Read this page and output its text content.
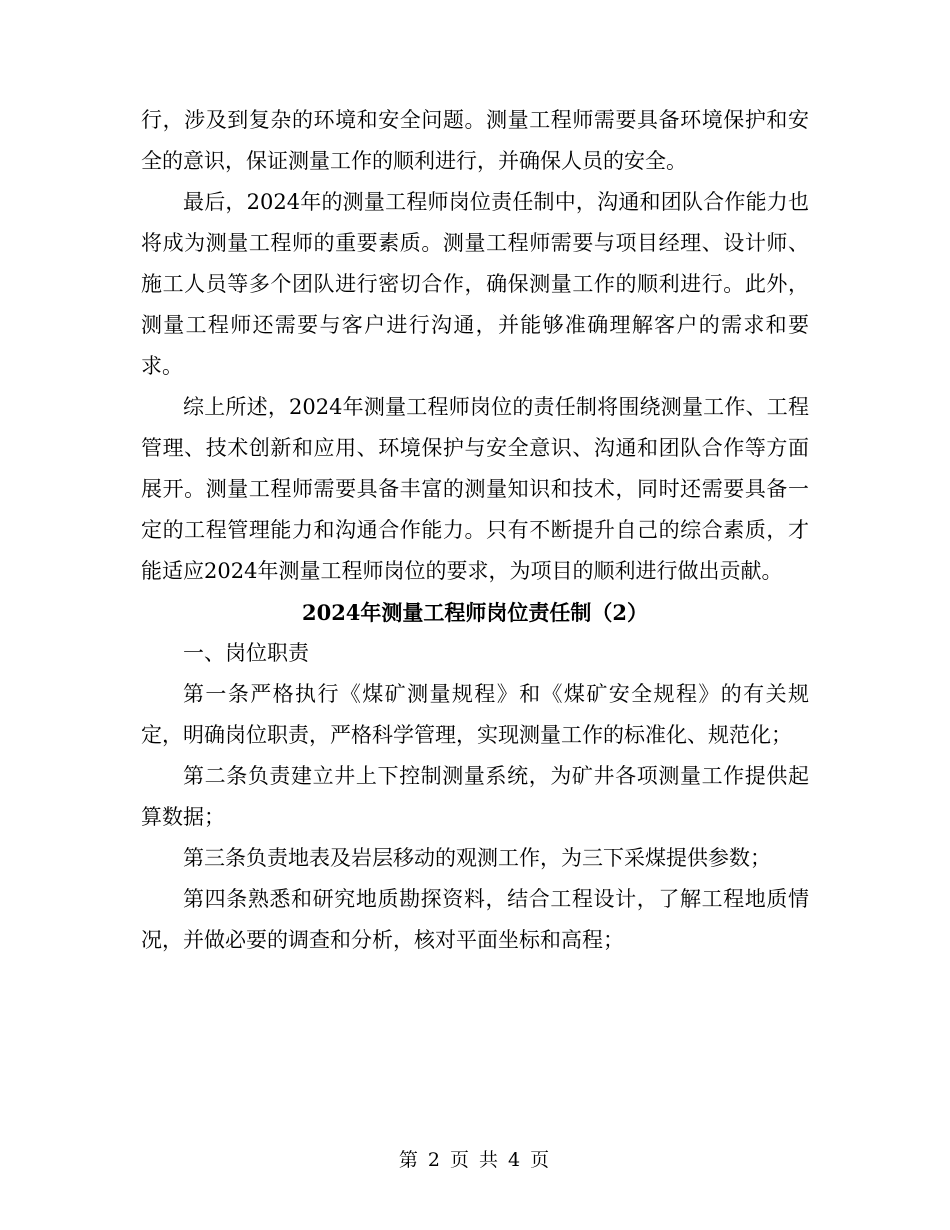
行，涉及到复杂的环境和安全问题。测量工程师需要具备环境保护和安全的意识，保证测量工作的顺利进行，并确保人员的安全。

最后，2024年的测量工程师岗位责任制中，沟通和团队合作能力也将成为测量工程师的重要素质。测量工程师需要与项目经理、设计师、施工人员等多个团队进行密切合作，确保测量工作的顺利进行。此外，测量工程师还需要与客户进行沟通，并能够准确理解客户的需求和要求。

综上所述，2024年测量工程师岗位的责任制将围绕测量工作、工程管理、技术创新和应用、环境保护与安全意识、沟通和团队合作等方面展开。测量工程师需要具备丰富的测量知识和技术，同时还需要具备一定的工程管理能力和沟通合作能力。只有不断提升自己的综合素质，才能适应2024年测量工程师岗位的要求，为项目的顺利进行做出贡献。

2024年测量工程师岗位责任制（2）

一、岗位职责

第一条严格执行《煤矿测量规程》和《煤矿安全规程》的有关规定，明确岗位职责，严格科学管理，实现测量工作的标准化、规范化；

第二条负责建立井上下控制测量系统，为矿井各项测量工作提供起算数据；

第三条负责地表及岩层移动的观测工作，为三下采煤提供参数；

第四条熟悉和研究地质勘探资料，结合工程设计，了解工程地质情况，并做必要的调查和分析，核对平面坐标和高程；

第 2 页 共 4 页
